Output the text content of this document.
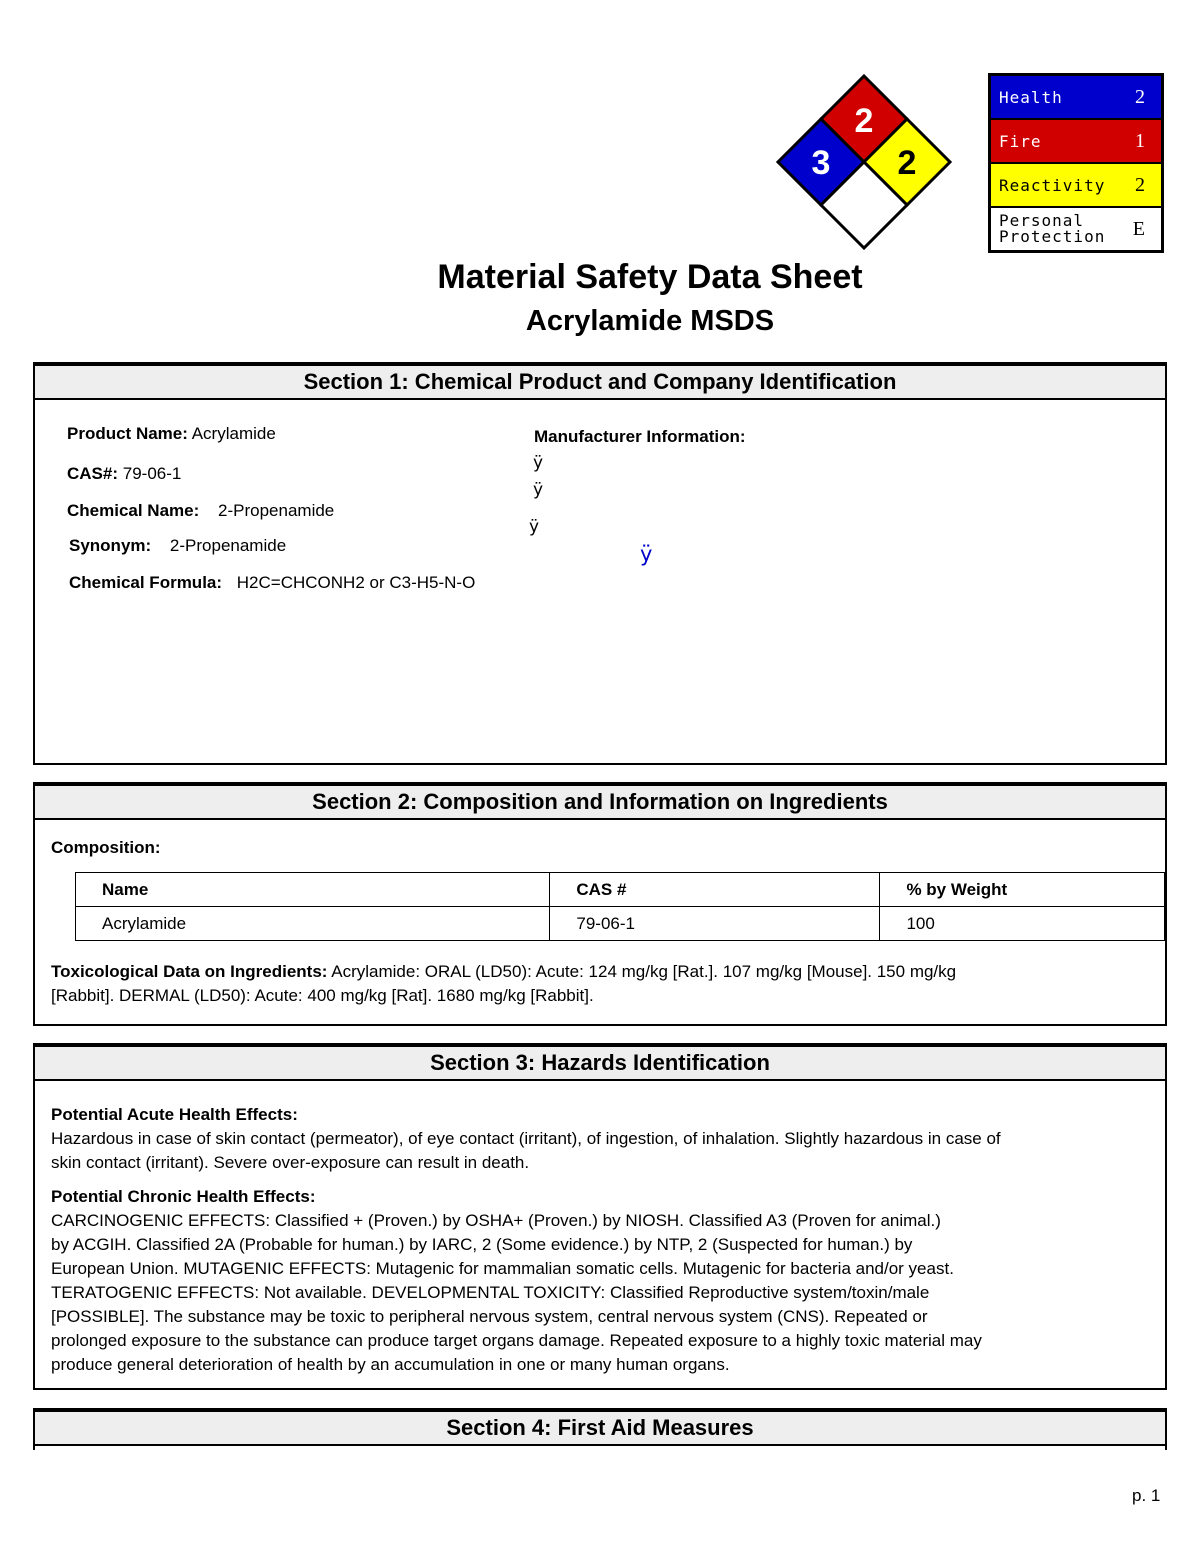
2
3 2
Health	2
Fire	1
Reactivity 2
Personal
Protection E
Material Safety Data Sheet
Acrylamide MSDS
Section 1: Chemical Product and Company Identification
Product Name: Acrylamide
CAS#: 79-06-1
Chemical Name: 2-Propenamide
Synonym: 2-Propenamide
Chemical Formula: H2C=CHCONH2 or C3-H5-N-O
Manufacturer Information:
ÿ
ÿ
ÿ
ÿ
Section 2: Composition and Information on Ingredients
Composition:
Name	CAS #	% by Weight
Acrylamide	79-06-1	100

Toxicological Data on Ingredients: Acrylamide: ORAL (LD50): Acute: 124 mg/kg [Rat.]. 107 mg/kg [Mouse]. 150 mg/kg

[Rabbit]. DERMAL (LD50): Acute: 400 mg/kg [Rat]. 1680 mg/kg [Rabbit].

Section 3: Hazards Identification

Potential Acute Health Effects:

Hazardous in case of skin contact (permeator), of eye contact (irritant), of ingestion, of inhalation. Slightly hazardous in case of

skin contact (irritant). Severe over-exposure can result in death.

Potential Chronic Health Effects:

CARCINOGENIC EFFECTS: Classified + (Proven.) by OSHA+ (Proven.) by NIOSH. Classified A3 (Proven for animal.)

by ACGIH. Classified 2A (Probable for human.) by IARC, 2 (Some evidence.) by NTP, 2 (Suspected for human.) by

European Union. MUTAGENIC EFFECTS: Mutagenic for mammalian somatic cells. Mutagenic for bacteria and/or yeast.

TERATOGENIC EFFECTS: Not available. DEVELOPMENTAL TOXICITY: Classified Reproductive system/toxin/male

[POSSIBLE]. The substance may be toxic to peripheral nervous system, central nervous system (CNS). Repeated or

prolonged exposure to the substance can produce target organs damage. Repeated exposure to a highly toxic material may

produce general deterioration of health by an accumulation in one or many human organs.

Section 4: First Aid Measures
p. 1
